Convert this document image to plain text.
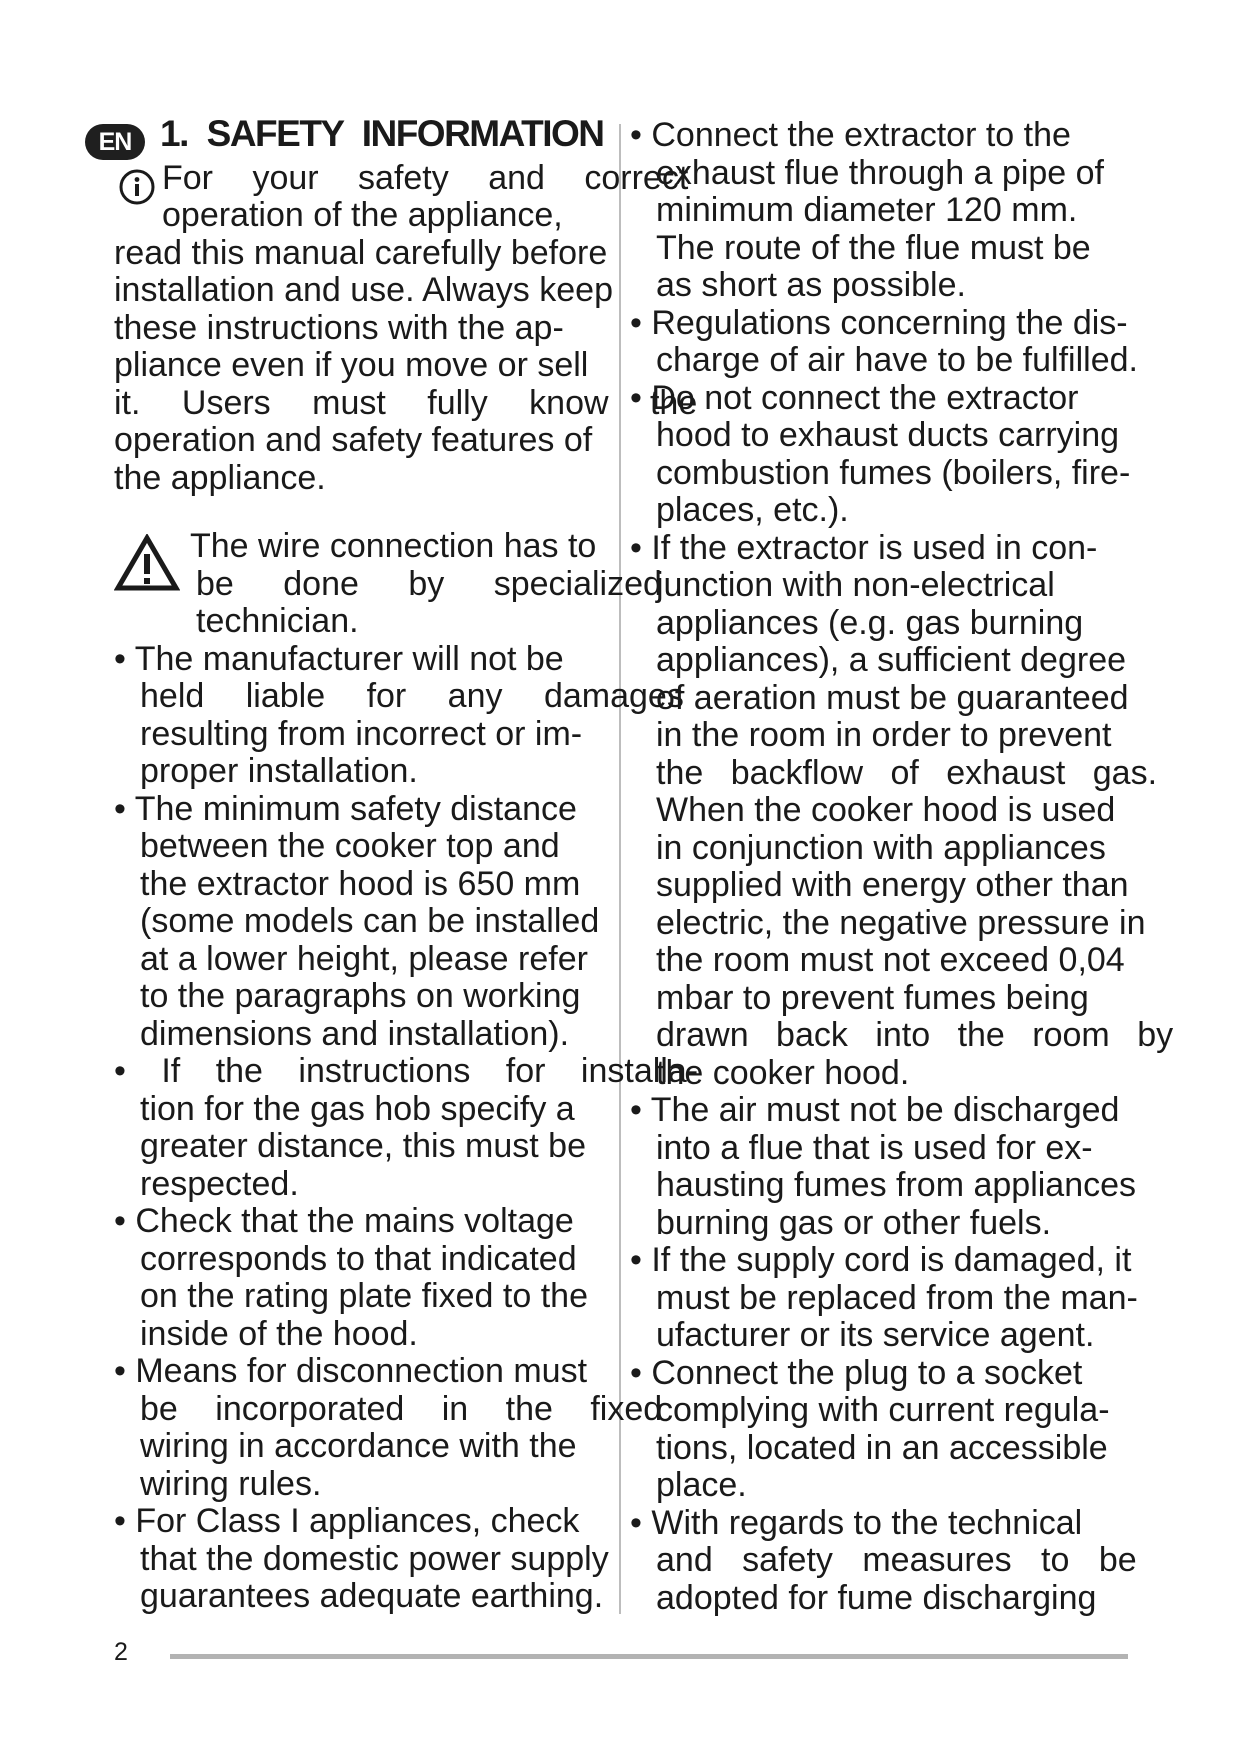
EN 1. SAFETY INFORMATION

For your safety and correct

operation of the appliance,

read this manual carefully before

installation and use. Always keep

these instructions with the ap-

pliance even if you move or sell

it. Users must fully know the

operation and safety features of

the appliance.

The wire connection has to

be done by specialized

technician.

• The manufacturer will not be

held liable for any damages

resulting from incorrect or im-

proper installation.

• The minimum safety distance

between the cooker top and

the extractor hood is 650 mm

(some models can be installed

at a lower height, please refer

to the paragraphs on working

dimensions and installation).

• If the instructions for installa-

tion for the gas hob specify a

greater distance, this must be

respected.

• Check that the mains voltage

corresponds to that indicated

on the rating plate fixed to the

inside of the hood.

• Means for disconnection must

be incorporated in the fixed

wiring in accordance with the

wiring rules.

• For Class I appliances, check

that the domestic power supply

guarantees adequate earthing.

• Connect the extractor to the

exhaust flue through a pipe of

minimum diameter 120 mm.

The route of the flue must be

as short as possible.

• Regulations concerning the dis-

charge of air have to be fulfilled.

• Do not connect the extractor

hood to exhaust ducts carrying

combustion fumes (boilers, fire-

places, etc.).

• If the extractor is used in con-

junction with non-electrical

appliances (e.g. gas burning

appliances), a sufficient degree

of aeration must be guaranteed

in the room in order to prevent

the backflow of exhaust gas.

When the cooker hood is used

in conjunction with appliances

supplied with energy other than

electric, the negative pressure in

the room must not exceed 0,04

mbar to prevent fumes being

drawn back into the room by

the cooker hood.

• The air must not be discharged

into a flue that is used for ex-

hausting fumes from appliances

burning gas or other fuels.

• If the supply cord is damaged, it

must be replaced from the man-

ufacturer or its service agent.

• Connect the plug to a socket

complying with current regula-

tions, located in an accessible

place.

• With regards to the technical

and safety measures to be

adopted for fume discharging

2
